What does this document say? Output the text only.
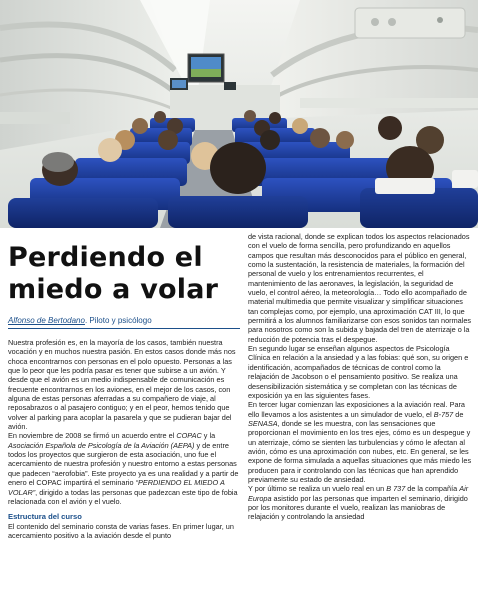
Perdiendo el
miedo a volar
Alfonso de Bertodano. Piloto y psicólogo

Nuestra profesión es, en la mayoría de los casos, también nuestra vocación y en muchos nuestra pasión. En estos casos donde más nos choca encontrarnos con personas en el polo opuesto. Personas a las que lo peor que les podría pasar es tener que subirse a un avión. Y desde que el avión es un medio indispensable de comunicación es frecuente encontrarnos en los aviones, en el mejor de los casos, con alguna de estas personas aferradas a su compañero de viaje, al reposabrazos o al pasajero contiguo; y en el peor, hemos tenido que volver al parking para acoplar la pasarela y que se pudieran bajar del avión.

En noviembre de 2008 se firmó un acuerdo entre el COPAC y la Asociación Española de Psicología de la Aviación (AEPA) y de entre todos los proyectos que surgieron de esta asociación, uno fue el acercamiento de nuestra profesión y nuestro entorno a estas personas que padecen “aerofobia”. Este proyecto ya es una realidad y a partir de enero el COPAC impartirá el seminario “PERDIENDO EL MIEDO A VOLAR”, dirigido a todas las personas que padezcan este tipo de fobia relacionada con el avión y el vuelo.

Estructura del curso

El contenido del seminario consta de varias fases. En primer lugar, un acercamiento positivo a la aviación desde el punto

de vista racional, donde se explican todos los aspectos relacionados con el vuelo de forma sencilla, pero profundizando en aquellos campos que resultan más desconocidos para el público en general, como la sustentación, la resistencia de materiales, la formación del personal de vuelo y los entrenamientos recurrentes, el mantenimiento de las aeronaves, la legislación, la seguridad de vuelo, el control aéreo, la meteorología… Todo ello acompañado de material multimedia que permite visualizar y simplificar situaciones tan complejas como, por ejemplo, una aproximación CAT III, lo que permitirá a los alumnos familiarizarse con esos sonidos tan normales para nosotros como son la subida y bajada del tren de aterrizaje o la reducción de potencia tras el despegue.

En segundo lugar se enseñan algunos aspectos de Psicología Clínica en relación a la ansiedad y a las fobias: qué son, su origen e identificación, acompañados de técnicas de control como la relajación de Jacobson o el pensamiento positivo. Se realiza una desensibilización sistemática y se completan con las técnicas de exposición ya en las siguientes fases.

En tercer lugar comienzan las exposiciones a la aviación real. Para ello llevamos a los asistentes a un simulador de vuelo, el B-757 de SENASA, donde se les muestra, con las sensaciones que proporcionan el movimiento en los tres ejes, cómo es un despegue y un aterrizaje, cómo se sienten las turbulencias y cómo le afectan al avión, cómo es una aproximación con nubes, etc. En general, se les expone de forma simulada a aquellas situaciones que más miedo les producen para ir controlando con las técnicas que han aprendido previamente su estado de ansiedad.

Y por último se realiza un vuelo real en un B 737 de la compañía Air Europa asistido por las personas que imparten el seminario, dirigido por los monitores durante el vuelo, realizan las maniobras de relajación y controlando la ansiedad
